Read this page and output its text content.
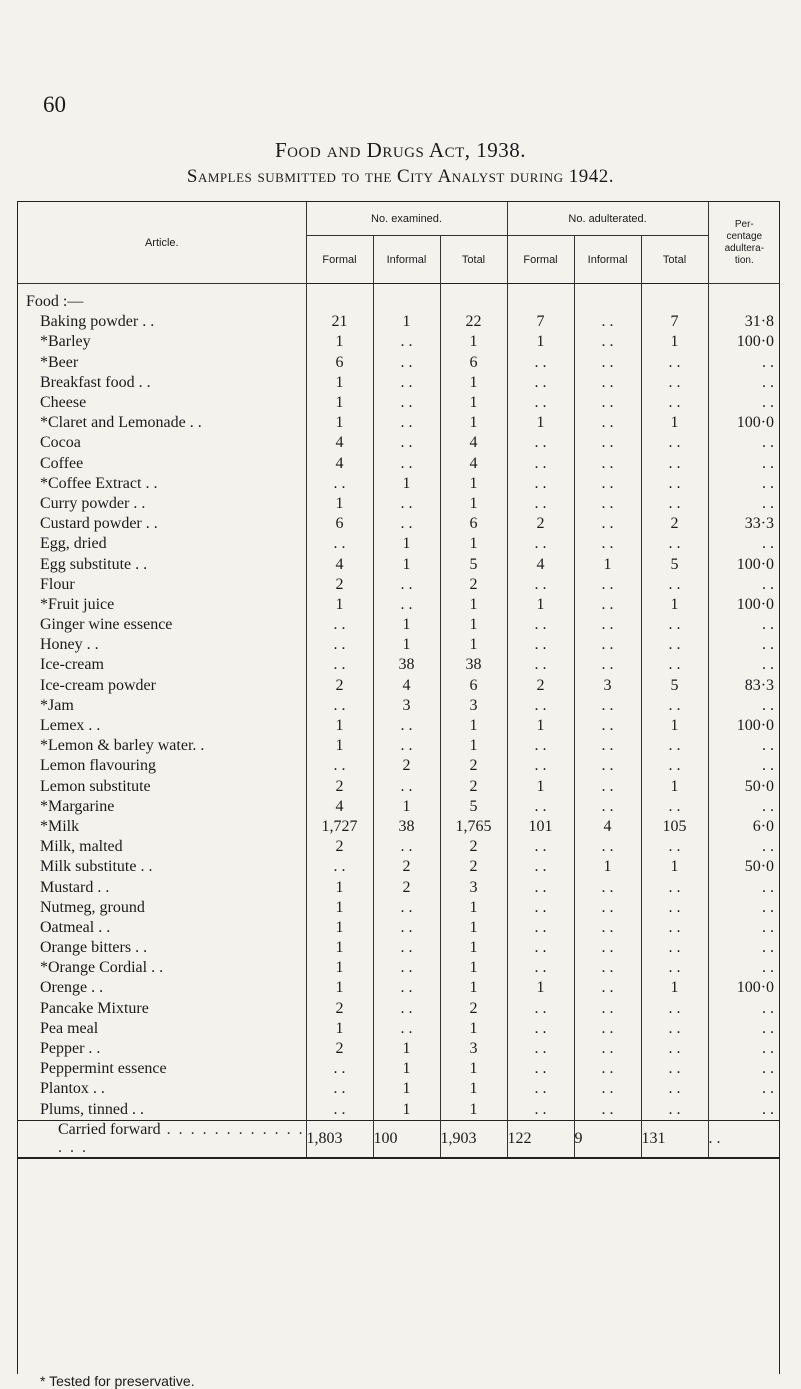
60
Food and Drugs Act, 1938.
Samples submitted to the City Analyst during 1942.
Article.	No. examined.			No. adulterated.			Per-
centage
adultera-
tion.

	Formal	Informal	Total	Formal	Informal	Total	
Food :—							
Baking powder . .	21	1	22	7	. .	7	31·8
*Barley	1	. .	1	1	. .	1	100·0
*Beer	6	. .	6	. .	. .	. .	. .
Breakfast food . .	1	. .	1	. .	. .	. .	. .
Cheese	1	. .	1	. .	. .	. .	. .
*Claret and Lemonade . .	1	. .	1	1	. .	1	100·0
Cocoa	4	. .	4	. .	. .	. .	. .
Coffee	4	. .	4	. .	. .	. .	. .
*Coffee Extract . .	. .	1	1	. .	. .	. .	. .
Curry powder . .	1	. .	1	. .	. .	. .	. .
Custard powder . .	6	. .	6	2	. .	2	33·3
Egg, dried	. .	1	1	. .	. .	. .	. .
Egg substitute . .	4	1	5	4	1	5	100·0
Flour	2	. .	2	. .	. .	. .	. .
*Fruit juice	1	. .	1	1	. .	1	100·0
Ginger wine essence	. .	1	1	. .	. .	. .	. .
Honey . .	. .	1	1	. .	. .	. .	. .
Ice-cream	. .	38	38	. .	. .	. .	. .
Ice-cream powder	2	4	6	2	3	5	83·3
*Jam	. .	3	3	. .	. .	. .	. .
Lemex . .	1	. .	1	1	. .	1	100·0
*Lemon & barley water. .	1	. .	1	. .	. .	. .	. .
Lemon flavouring	. .	2	2	. .	. .	. .	. .
Lemon substitute	2	. .	2	1	. .	1	50·0
*Margarine	4	1	5	. .	. .	. .	. .
*Milk	1,727	38	1,765	101	4	105	6·0
Milk, malted	2	. .	2	. .	. .	. .	. .
Milk substitute . .	. .	2	2	. .	1	1	50·0
Mustard . .	1	2	3	. .	. .	. .	. .
Nutmeg, ground	1	. .	1	. .	. .	. .	. .
Oatmeal . .	1	. .	1	. .	. .	. .	. .
Orange bitters . .	1	. .	1	. .	. .	. .	. .
*Orange Cordial . .	1	. .	1	. .	. .	. .	. .
Orenge . .	1	. .	1	1	. .	1	100·0
Pancake Mixture	2	. .	2	. .	. .	. .	. .
Pea meal	1	. .	1	. .	. .	. .	. .
Pepper . .	2	1	3	. .	. .	. .	. .
Peppermint essence	. .	1	1	. .	. .	. .	. .
Plantox . .	. .	1	1	. .	. .	. .	. .
Plums, tinned . .	. .	1	1	. .	. .	. .	. .
Carried forward . . .	1,803	100	1,903	122	9	131	. .
* Tested for preservative.
